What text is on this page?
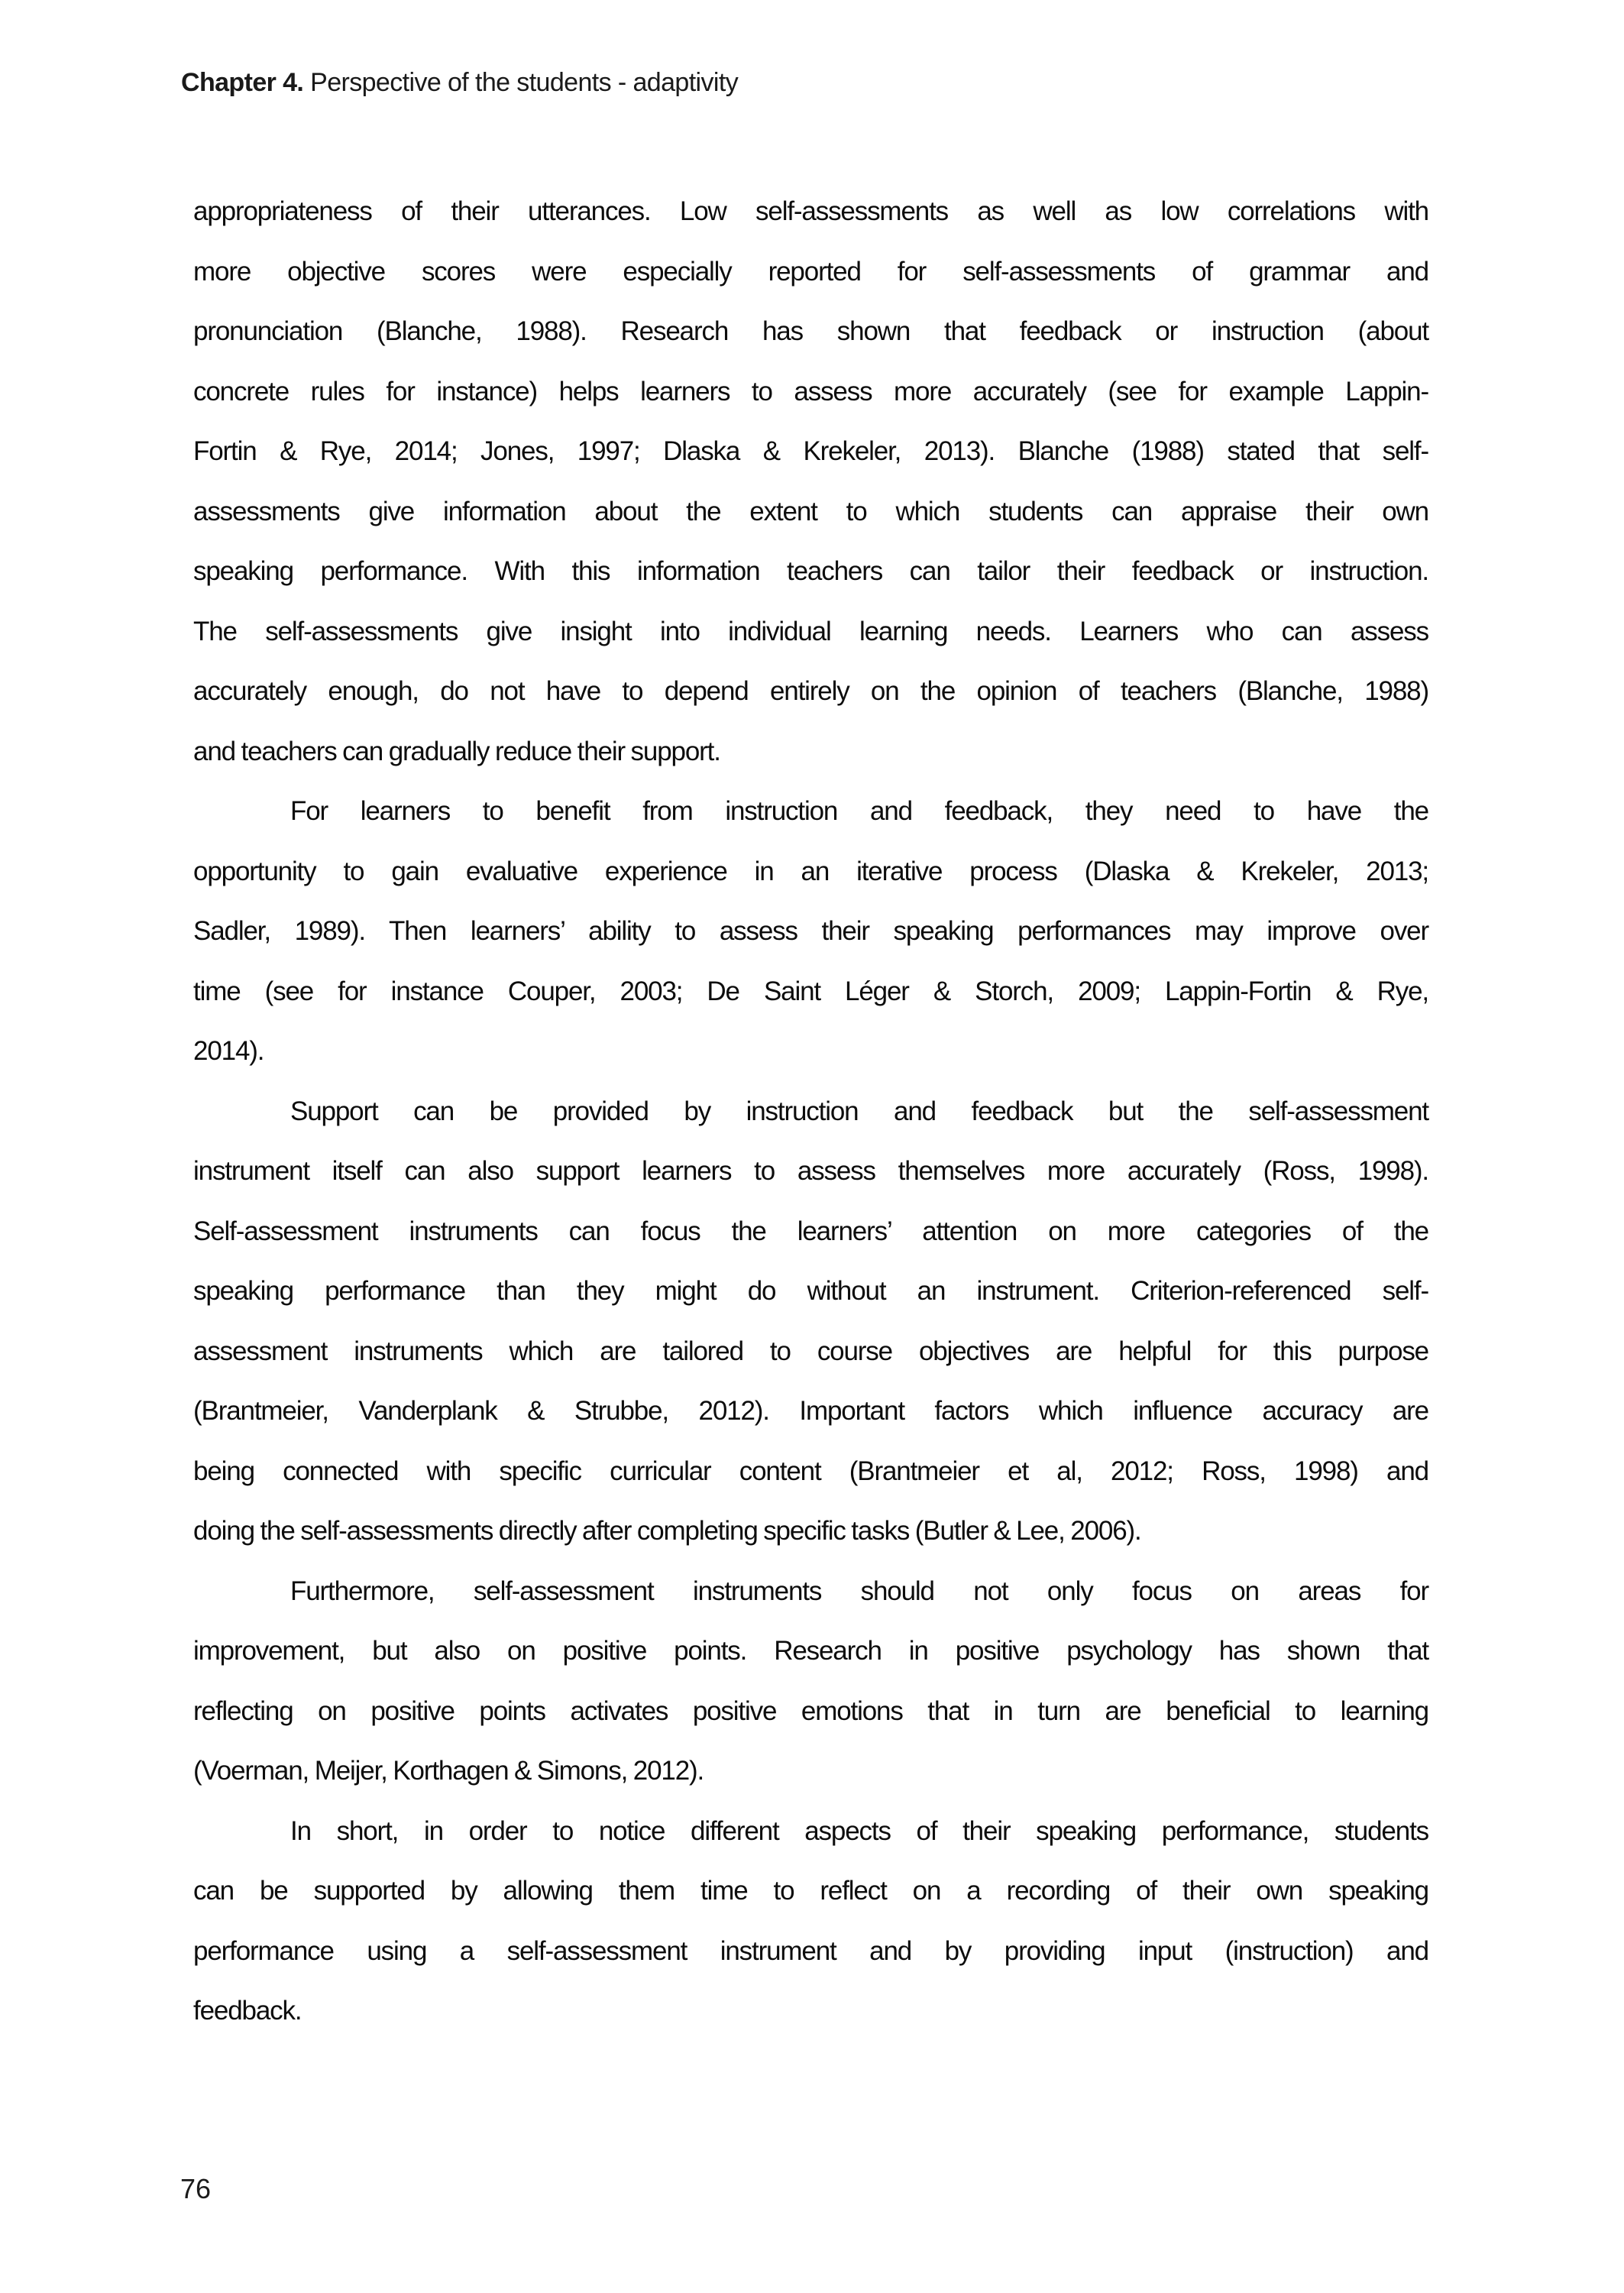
Chapter 4. Perspective of the students - adaptivity
appropriateness of their utterances. Low self-assessments as well as low correlations with
more objective scores were especially reported for self-assessments of grammar and
pronunciation (Blanche, 1988). Research has shown that feedback or instruction (about
concrete rules for instance) helps learners to assess more accurately (see for example Lappin-
Fortin & Rye, 2014; Jones, 1997; Dlaska & Krekeler, 2013). Blanche (1988) stated that self-
assessments give information about the extent to which students can appraise their own
speaking performance. With this information teachers can tailor their feedback or instruction.
The self-assessments give insight into individual learning needs. Learners who can assess
accurately enough, do not have to depend entirely on the opinion of teachers (Blanche, 1988)
and teachers can gradually reduce their support.
For learners to benefit from instruction and feedback, they need to have the
opportunity to gain evaluative experience in an iterative process (Dlaska & Krekeler, 2013;
Sadler, 1989). Then learners’ ability to assess their speaking performances may improve over
time (see for instance Couper, 2003; De Saint Léger & Storch, 2009; Lappin-Fortin & Rye,
2014).
Support can be provided by instruction and feedback but the self-assessment
instrument itself can also support learners to assess themselves more accurately (Ross, 1998).
Self-assessment instruments can focus the learners’ attention on more categories of the
speaking performance than they might do without an instrument. Criterion-referenced self-
assessment instruments which are tailored to course objectives are helpful for this purpose
(Brantmeier, Vanderplank & Strubbe, 2012). Important factors which influence accuracy are
being connected with specific curricular content (Brantmeier et al, 2012; Ross, 1998) and
doing the self-assessments directly after completing specific tasks (Butler & Lee, 2006).
Furthermore, self-assessment instruments should not only focus on areas for
improvement, but also on positive points. Research in positive psychology has shown that
reflecting on positive points activates positive emotions that in turn are beneficial to learning
(Voerman, Meijer, Korthagen & Simons, 2012).
In short, in order to notice different aspects of their speaking performance, students
can be supported by allowing them time to reflect on a recording of their own speaking
performance using a self-assessment instrument and by providing input (instruction) and
feedback.
76
